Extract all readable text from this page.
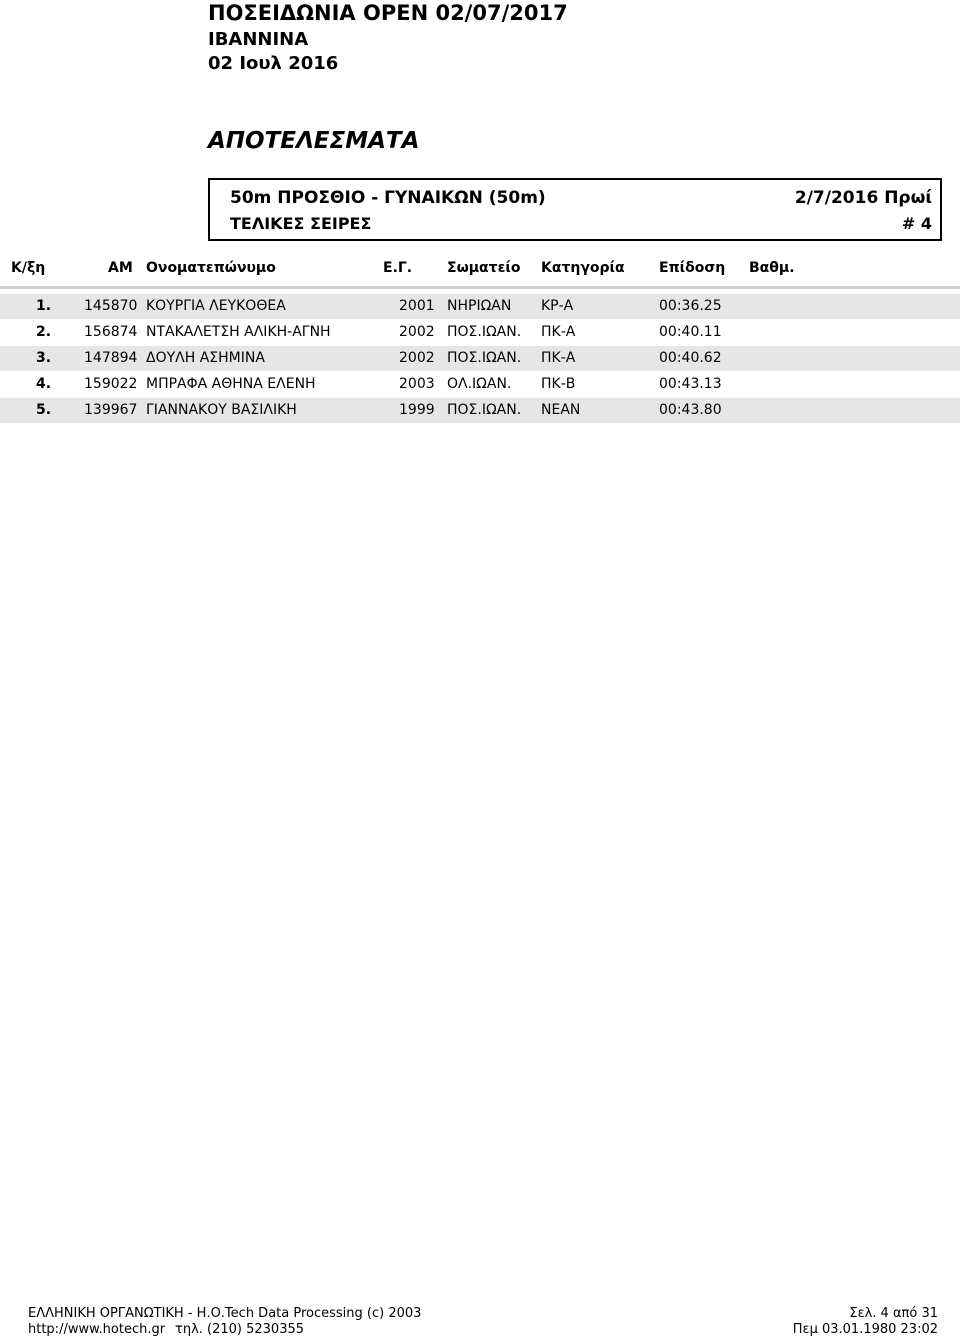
ΠΟΣΕΙΔΩΝΙΑ OPEN 02/07/2017
ΙΒΑΝΝΙΝΑ
02 Ιουλ 2016
ΑΠΟΤΕΛΕΣΜΑΤΑ
50m ΠΡΟΣΘΙΟ - ΓΥΝΑΙΚΩΝ (50m)	2/7/2016 Πρωί
ΤΕΛΙΚΕΣ ΣΕΙΡΕΣ	# 4
Κ/ξη	AM Ονοματεπώνυμο	Ε.Γ. Σωματείο Κατηγορία Επίδοση Βαθμ.
1. 145870 ΚΟΥΡΓΙΑ ΛΕΥΚΟΘΕΑ	2001 ΝΗΡΙΩΑΝ ΚΡ-Α	00:36.25
2. 156874 ΝΤΑΚΑΛΕΤΣΗ ΑΛΙΚΗ-ΑΓΝΗ	2002 ΠΟΣ.ΙΩΑΝ. ΠΚ-Α	00:40.11
3. 147894 ΔΟΥΛΗ ΑΣΗΜΙΝΑ	2002 ΠΟΣ.ΙΩΑΝ. ΠΚ-Α	00:40.62
4. 159022 ΜΠΡΑΦΑ ΑΘΗΝΑ ΕΛΕΝΗ	2003 ΟΛ.ΙΩΑΝ. ΠΚ-Β	00:43.13
5. 139967 ΓΙΑΝΝΑΚΟΥ ΒΑΣΙΛΙΚΗ	1999 ΠΟΣ.ΙΩΑΝ. ΝΕΑΝ	00:43.80
ΕΛΛΗΝΙΚΗ ΟΡΓΑΝΩΤΙΚΗ - Η.Ο.Tech Data Processing (c) 2003
http://www.hotech.gr τηλ. (210) 5230355
Σελ. 4 από 31
Πεμ 03.01.1980 23:02
